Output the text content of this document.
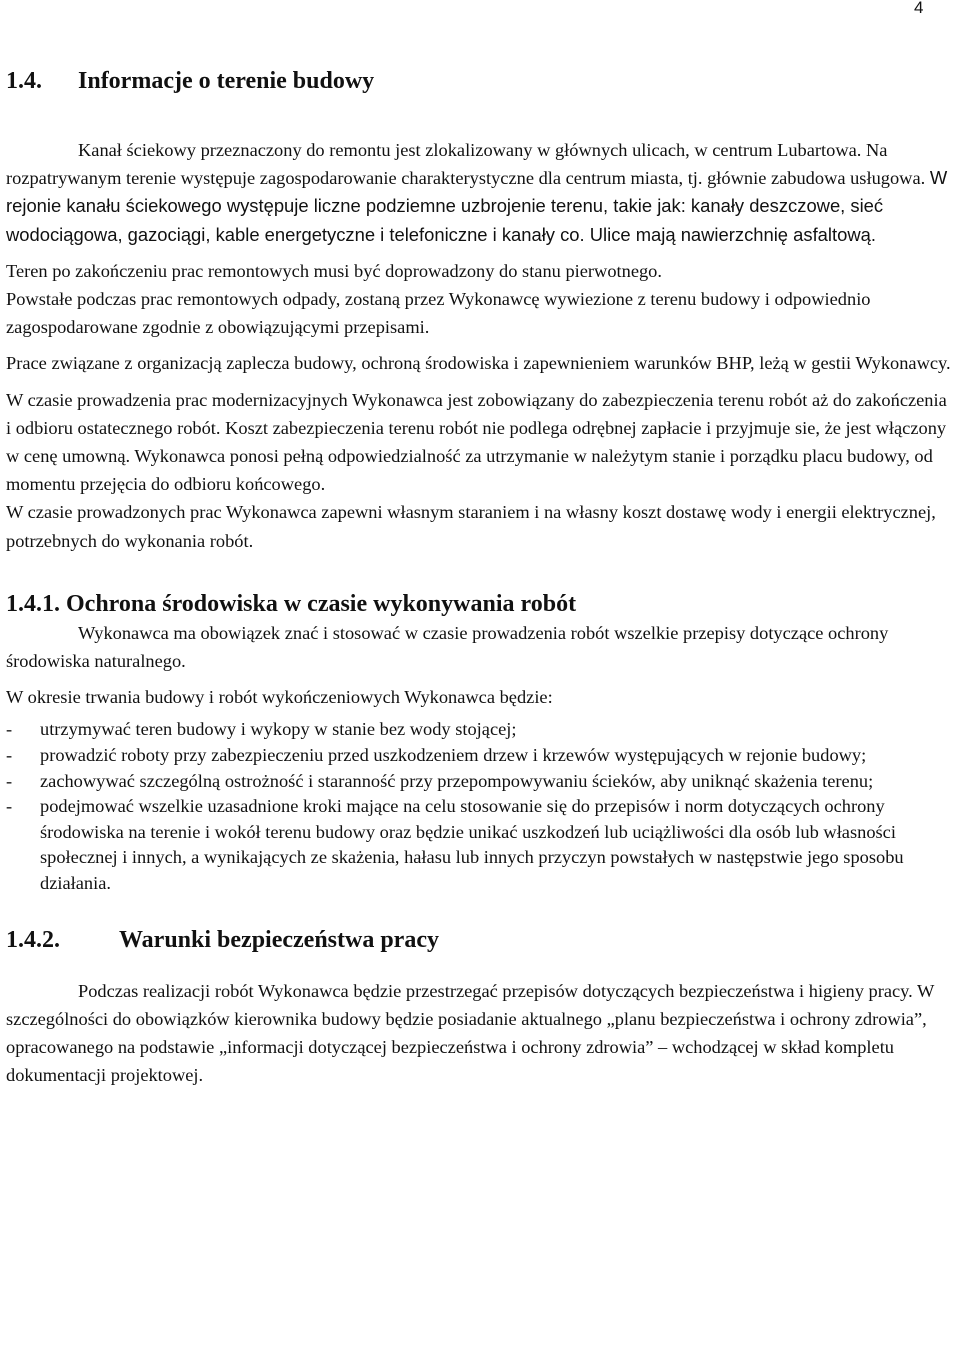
4
1.4.	Informacje o terenie budowy

Kanał ściekowy przeznaczony do remontu jest zlokalizowany w głównych ulicach, w centrum Lubartowa. Na rozpatrywanym terenie występuje zagospodarowanie charakterystyczne dla centrum miasta, tj. głównie zabudowa usługowa. W rejonie kanału ściekowego występuje liczne podziemne uzbrojenie terenu, takie jak: kanały deszczowe, sieć wodociągowa, gazociągi, kable energetyczne i telefoniczne i kanały co. Ulice mają nawierzchnię asfaltową.

Teren po zakończeniu prac remontowych musi być doprowadzony do stanu pierwotnego.

Powstałe podczas prac remontowych odpady, zostaną przez Wykonawcę wywiezione z terenu budowy i odpowiednio zagospodarowane zgodnie z obowiązującymi przepisami.

Prace związane z organizacją zaplecza budowy, ochroną środowiska i zapewnieniem warunków BHP, leżą w gestii Wykonawcy.

W czasie prowadzenia prac modernizacyjnych Wykonawca jest zobowiązany do zabezpieczenia terenu robót aż do zakończenia i odbioru ostatecznego robót. Koszt zabezpieczenia terenu robót nie podlega odrębnej zapłacie i przyjmuje sie, że jest włączony w cenę umowną. Wykonawca ponosi pełną odpowiedzialność za utrzymanie w należytym stanie i porządku placu budowy, od momentu przejęcia do odbioru końcowego.

W czasie prowadzonych prac Wykonawca zapewni własnym staraniem i na własny koszt dostawę wody i energii elektrycznej, potrzebnych do wykonania robót.

1.4.1. Ochrona środowiska w czasie wykonywania robót

Wykonawca ma obowiązek znać i stosować w czasie prowadzenia robót wszelkie przepisy dotyczące ochrony środowiska naturalnego.

W okresie trwania budowy i robót wykończeniowych Wykonawca będzie:

-	utrzymywać teren budowy i wykopy w stanie bez wody stojącej;
-	prowadzić roboty przy zabezpieczeniu przed uszkodzeniem drzew i krzewów występujących w rejonie budowy;
-	zachowywać szczególną ostrożność i staranność przy przepompowywaniu ścieków, aby uniknąć skażenia terenu;
-	podejmować wszelkie uzasadnione kroki mające na celu stosowanie się do przepisów i norm dotyczących ochrony środowiska na terenie i wokół terenu budowy oraz będzie unikać uszkodzeń lub uciążliwości dla osób lub własności społecznej i innych, a wynikających ze skażenia, hałasu lub innych przyczyn powstałych w następstwie jego sposobu działania.
1.4.2.	Warunki bezpieczeństwa pracy

Podczas realizacji robót Wykonawca będzie przestrzegać przepisów dotyczących bezpieczeństwa i higieny pracy. W szczególności do obowiązków kierownika budowy będzie posiadanie aktualnego „planu bezpieczeństwa i ochrony zdrowia”, opracowanego na podstawie „informacji dotyczącej bezpieczeństwa i ochrony zdrowia” – wchodzącej w skład kompletu dokumentacji projektowej.
